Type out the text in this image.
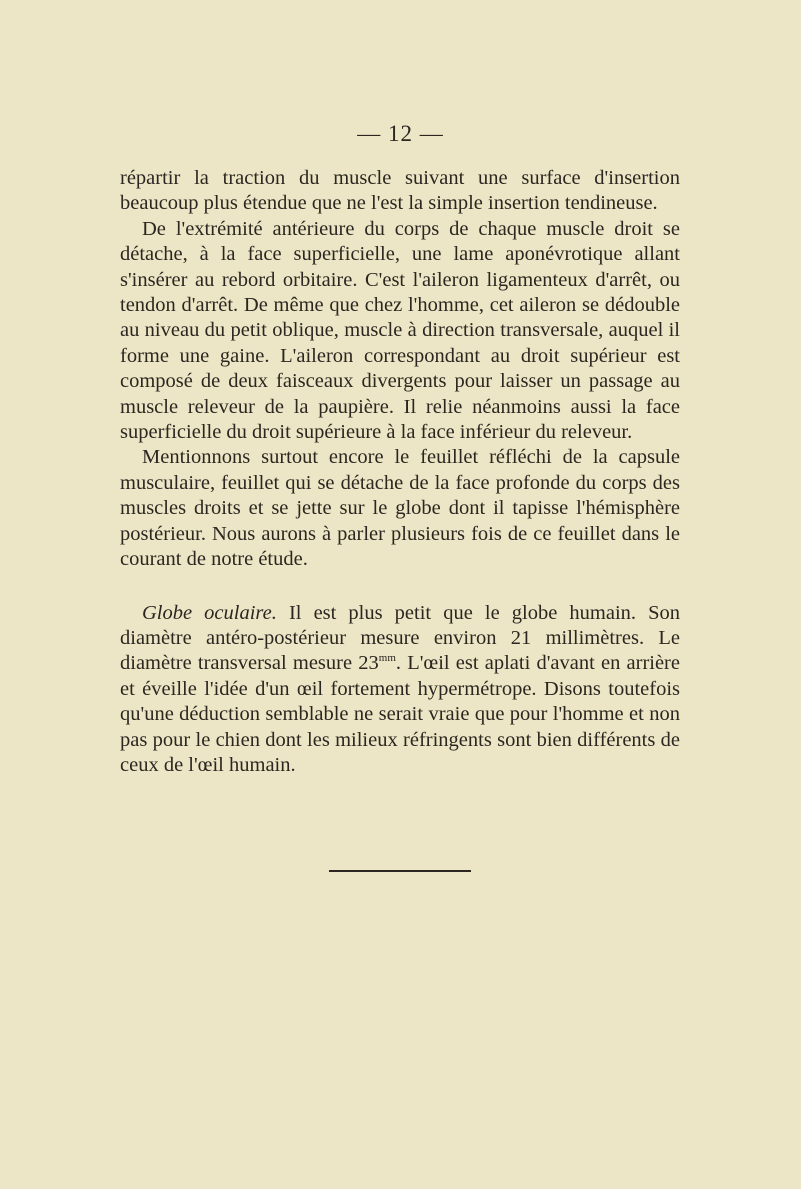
— 12 —

répartir la traction du muscle suivant une surface d'insertion beaucoup plus étendue que ne l'est la simple insertion tendineuse.

De l'extrémité antérieure du corps de chaque muscle droit se détache, à la face superficielle, une lame aponévrotique allant s'insérer au rebord orbitaire. C'est l'aileron ligamenteux d'arrêt, ou tendon d'arrêt. De même que chez l'homme, cet aileron se dédouble au niveau du petit oblique, muscle à direction transversale, auquel il forme une gaine. L'aileron correspondant au droit supérieur est composé de deux faisceaux divergents pour laisser un passage au muscle releveur de la paupière. Il relie néanmoins aussi la face superficielle du droit supérieure à la face inférieur du releveur.

Mentionnons surtout encore le feuillet réfléchi de la capsule musculaire, feuillet qui se détache de la face profonde du corps des muscles droits et se jette sur le globe dont il tapisse l'hémisphère postérieur. Nous aurons à parler plusieurs fois de ce feuillet dans le courant de notre étude.

Globe oculaire. Il est plus petit que le globe humain. Son diamètre antéro-postérieur mesure environ 21 millimètres. Le diamètre transversal mesure $23^{mm}$. L'œil est aplati d'avant en arrière et éveille l'idée d'un œil fortement hypermétrope. Disons toutefois qu'une déduction semblable ne serait vraie que pour l'homme et non pas pour le chien dont les milieux réfringents sont bien différents de ceux de l'œil humain.
